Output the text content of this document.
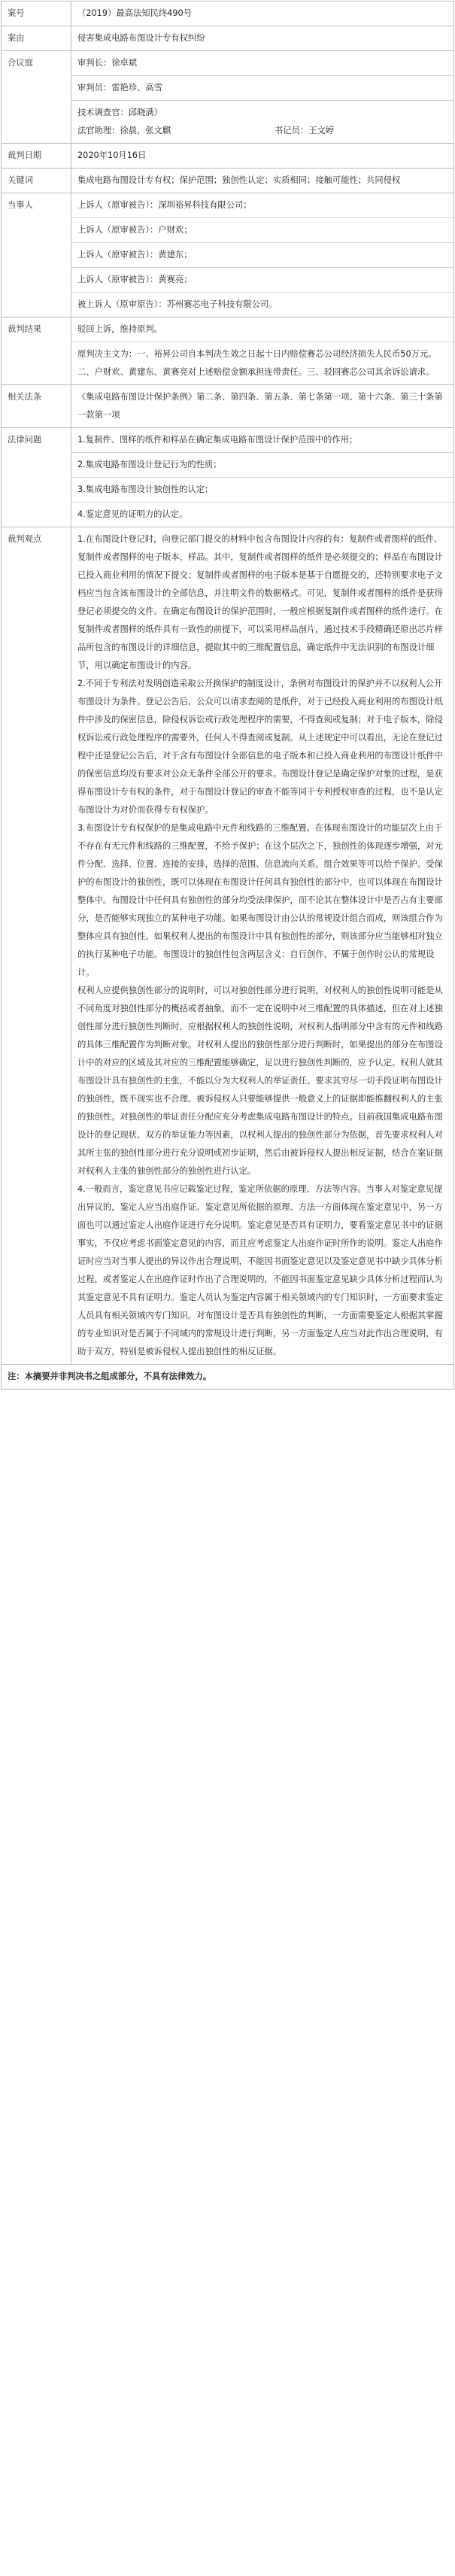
案号	（2019）最高法知民终490号
案由	侵害集成电路布图设计专有权纠纷
合议庭	审判长：徐卓斌
审判员：雷艳珍、高雪
技术调查官：邱晓满）
法官助理：徐晨，张文麒 书记员：王文婷

裁判日期	2020年10月16日
关键词	集成电路布图设计专有权；保护范围；独创性认定；实质相同；接触可能性；共同侵权
当事人	上诉人（原审被告）：深圳裕昇科技有限公司；

上诉人（原审被告）：户财欢；

上诉人（原审被告）：黄建东；

上诉人（原审被告）：黄赛亮；

被上诉人（原审原告）：苏州赛芯电子科技有限公司。

裁判结果	驳回上诉，维持原判。

原判决主文为：一、裕昇公司自本判决生效之日起十日内赔偿赛芯公司经济损失人民币50万元。二、户财欢、黄建东、黄赛亮对上述赔偿金额承担连带责任。三、驳回赛芯公司其余诉讼请求。

相关法条	《集成电路布图设计保护条例》第二条、第四条、第五条、第七条第一项、第十六条、第三十条第一款第一项
法律问题	1.复制件、图样的纸件和样品在确定集成电路布图设计保护范围中的作用；

2.集成电路布图设计登记行为的性质；

3.集成电路布图设计独创性的认定；

4.鉴定意见的证明力的认定。

裁判观点	1.在布图设计登记时，向登记部门提交的材料中包含布图设计内容的有：复制件或者图样的纸件、复制件或者图样的电子版本、样品。其中，复制件或者图样的纸件是必须提交的；样品在布图设计已投入商业利用的情况下提交；复制件或者图样的电子版本是基于自愿提交的，还特别要求电子文档应当包含该布图设计的全部信息，并注明文件的数据格式。可见，复制件或者图样的纸件是获得登记必须提交的文件。在确定布图设计的保护范围时，一般应根据复制件或者图样的纸件进行。在复制件或者图样的纸件具有一致性的前提下，可以采用样品剖片，通过技术手段精确还原出芯片样品所包含的布图设计的详细信息，提取其中的三维配置信息，确定纸件中无法识别的布图设计细节，用以确定布图设计的内容。

2.不同于专利法对发明创造采取公开换保护的制度设计，条例对布图设计的保护并不以权利人公开布图设计为条件。登记公告后，公众可以请求查阅的是纸件，对于已经投入商业利用的布图设计纸件中涉及的保密信息，除侵权诉讼或行政处理程序的需要，不得查阅或复制；对于电子版本，除侵权诉讼或行政处理程序的需要外，任何人不得查阅或复制。从上述规定中可以看出，无论在登记过程中还是登记公告后，对于含有布图设计全部信息的电子版本和已投入商业利用的布图设计纸件中的保密信息均没有要求对公众无条件全部公开的要求。布图设计登记是确定保护对象的过程，是获得布图设计专有权的条件，对于布图设计登记的审查不能等同于专利授权审查的过程，也不是认定布图设计为对价而获得专有权保护。

3.布图设计专有权保护的是集成电路中元件和线路的三维配置。在体现布图设计的功能层次上由于不存在有无元件和线路的三维配置，不给予保护；在这个层次之下，独创性的体现逐步增强，对元件分配、选择、位置、连接的安排，选择的范围、信息流向关系，组合效果等可以给予保护。受保护的布图设计的独创性，既可以体现在布图设计任何具有独创性的部分中，也可以体现在布图设计整体中。布图设计中任何具有独创性的部分均受法律保护，而不论其在整体设计中是否占有主要部分，是否能够实现独立的某种电子功能。如果布图设计由公认的常规设计组合而成，则该组合作为整体应具有独创性。如果权利人提出的布图设计中具有独创性的部分，则该部分应当能够相对独立的执行某种电子功能。布图设计的独创性包含两层含义：自行创作，不属于创作时公认的常规设计。

权利人应提供独创性部分的说明时，可以对独创性部分进行说明，对权利人的独创性说明可能是从不同角度对独创性部分的概括或者抽象，而不一定在说明中对三维配置的具体描述，但在对上述独创性部分进行独创性判断时，应根据权利人的独创性说明，对权利人指明部分中含有的元件和线路的具体三维配置作为判断对象。对权利人提出的独创性部分进行判断时，如果提出的部分在布图设计中的对应的区域及其对应的三维配置能够确定，足以进行独创性判断的，应予认定。权利人就其布图设计具有独创性的主张，不能以分为大权利人的举证责任。要求其穷尽一切手段证明布图设计的独创性，既不现实也不合理。被诉侵权人只要能够提供一般意义上的证据即能推翻权利人的主张的独创性。对独创性的举证责任分配应充分考虑集成电路布图设计的特点。目前我国集成电路布图设计的登记现状、双方的举证能力等因素，以权利人提出的独创性部分为依据，首先要求权利人对其所主张的独创性部分进行充分说明或初步证明，然后由被诉侵权人提出相反证据，结合在案证据对权利人主张的独创性部分的独创性进行认定。

4.一般而言，鉴定意见书应记载鉴定过程，鉴定所依据的原理、方法等内容。当事人对鉴定意见提出异议的，鉴定人应当出庭作证。鉴定意见所依据的原理、方法一方面体现在鉴定意见中，另一方面也可以通过鉴定人出庭作证进行充分说明。鉴定意见是否具有证明力，要看鉴定意见书中的证据事实，不仅应考虑书面鉴定意见的内容，而且应考虑鉴定人出庭作证时所作的说明。鉴定人出庭作证时应当对当事人提出的异议作出合理说明，不能因书面鉴定意见以及鉴定意见书中缺少具体分析过程，或者鉴定人在出庭作证时作出了合理说明的，不能因书面鉴定意见缺少具体分析过程而认为其鉴定意见不具有证明力。鉴定人员认为鉴定内容属于相关领域内的专门知识时，一方面要求鉴定人员具有相关领域内专门知识。对布图设计是否具有独创性的判断，一方面需要鉴定人根据其掌握的专业知识对是否属于不同域内的常规设计进行判断，另一方面鉴定人应当对此作出合理说明，有助于双方，特别是被诉侵权人提出独创性的相反证据。

注：本摘要并非判决书之组成部分，不具有法律效力。	
